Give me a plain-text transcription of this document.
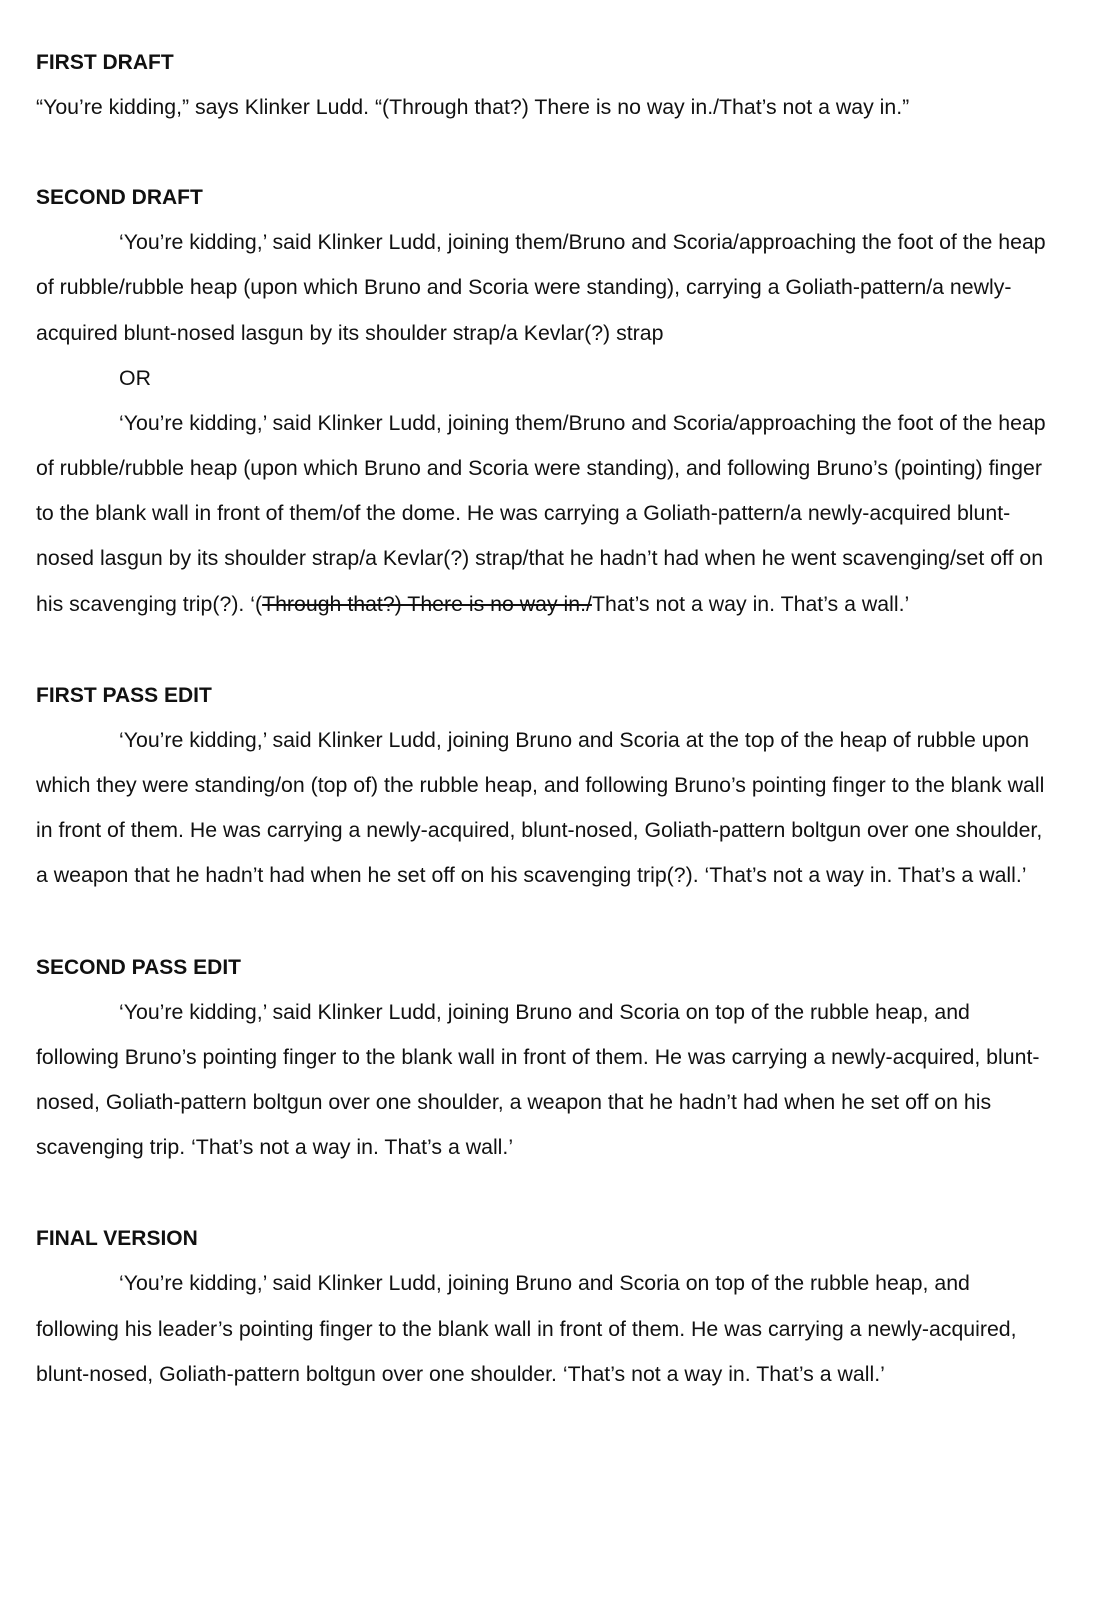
FIRST DRAFT

“You’re kidding,” says Klinker Ludd. “(Through that?) There is no way in./That’s not a way in.”

SECOND DRAFT

‘You’re kidding,’ said Klinker Ludd, joining them/Bruno and Scoria/approaching the foot of the heap of rubble/rubble heap (upon which Bruno and Scoria were standing), carrying a Goliath-pattern/a newly-acquired blunt-nosed lasgun by its shoulder strap/a Kevlar(?) strap

OR

‘You’re kidding,’ said Klinker Ludd, joining them/Bruno and Scoria/approaching the foot of the heap of rubble/rubble heap (upon which Bruno and Scoria were standing), and following Bruno’s (pointing) finger to the blank wall in front of them/of the dome. He was carrying a Goliath-pattern/a newly-acquired blunt-nosed lasgun by its shoulder strap/a Kevlar(?) strap/that he hadn’t had when he went scavenging/set off on his scavenging trip(?). ‘(Through that?) There is no way in./That’s not a way in. That’s a wall.’

FIRST PASS EDIT

‘You’re kidding,’ said Klinker Ludd, joining Bruno and Scoria at the top of the heap of rubble upon which they were standing/on (top of) the rubble heap, and following Bruno’s pointing finger to the blank wall in front of them. He was carrying a newly-acquired, blunt-nosed, Goliath-pattern boltgun over one shoulder, a weapon that he hadn’t had when he set off on his scavenging trip(?). ‘That’s not a way in. That’s a wall.’

SECOND PASS EDIT

‘You’re kidding,’ said Klinker Ludd, joining Bruno and Scoria on top of the rubble heap, and following Bruno’s pointing finger to the blank wall in front of them. He was carrying a newly-acquired, blunt-nosed, Goliath-pattern boltgun over one shoulder, a weapon that he hadn’t had when he set off on his scavenging trip. ‘That’s not a way in. That’s a wall.’

FINAL VERSION

‘You’re kidding,’ said Klinker Ludd, joining Bruno and Scoria on top of the rubble heap, and following his leader’s pointing finger to the blank wall in front of them. He was carrying a newly-acquired, blunt-nosed, Goliath-pattern boltgun over one shoulder. ‘That’s not a way in. That’s a wall.’
